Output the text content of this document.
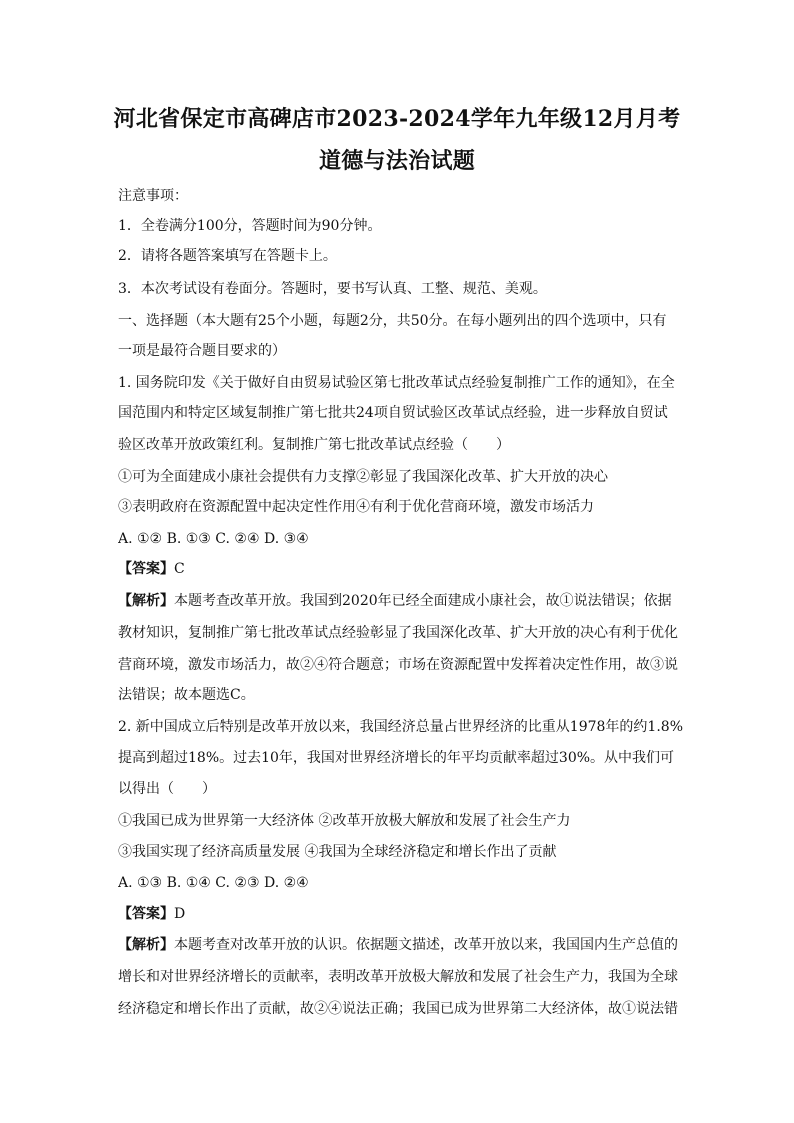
河北省保定市高碑店市2023-2024学年九年级12月月考
道德与法治试题
注意事项：
1．全卷满分100分，答题时间为90分钟。
2．请将各题答案填写在答题卡上。
3．本次考试设有卷面分。答题时，要书写认真、工整、规范、美观。
一、选择题（本大题有25个小题，每题2分，共50分。在每小题列出的四个选项中，只有
一项是最符合题目要求的）
1. 国务院印发《关于做好自由贸易试验区第七批改革试点经验复制推广工作的通知》，在全
国范围内和特定区域复制推广第七批共24项自贸试验区改革试点经验，进一步释放自贸试
验区改革开放政策红利。复制推广第七批改革试点经验（　　）
①可为全面建成小康社会提供有力支撑②彰显了我国深化改革、扩大开放的决心
③表明政府在资源配置中起决定性作用④有利于优化营商环境，激发市场活力
A. ①② B. ①③ C. ②④ D. ③④
【答案】C
【解析】本题考查改革开放。我国到2020年已经全面建成小康社会，故①说法错误；依据
教材知识，复制推广第七批改革试点经验彰显了我国深化改革、扩大开放的决心有利于优化
营商环境，激发市场活力，故②④符合题意；市场在资源配置中发挥着决定性作用，故③说
法错误；故本题选C。
2. 新中国成立后特别是改革开放以来，我国经济总量占世界经济的比重从1978年的约1.8%
提高到超过18%。过去10年，我国对世界经济增长的年平均贡献率超过30%。从中我们可
以得出（　　）
①我国已成为世界第一大经济体 ②改革开放极大解放和发展了社会生产力
③我国实现了经济高质量发展 ④我国为全球经济稳定和增长作出了贡献
A. ①③ B. ①④ C. ②③ D. ②④
【答案】D
【解析】本题考查对改革开放的认识。依据题文描述，改革开放以来，我国国内生产总值的
增长和对世界经济增长的贡献率，表明改革开放极大解放和发展了社会生产力，我国为全球
经济稳定和增长作出了贡献，故②④说法正确；我国已成为世界第二大经济体，故①说法错
